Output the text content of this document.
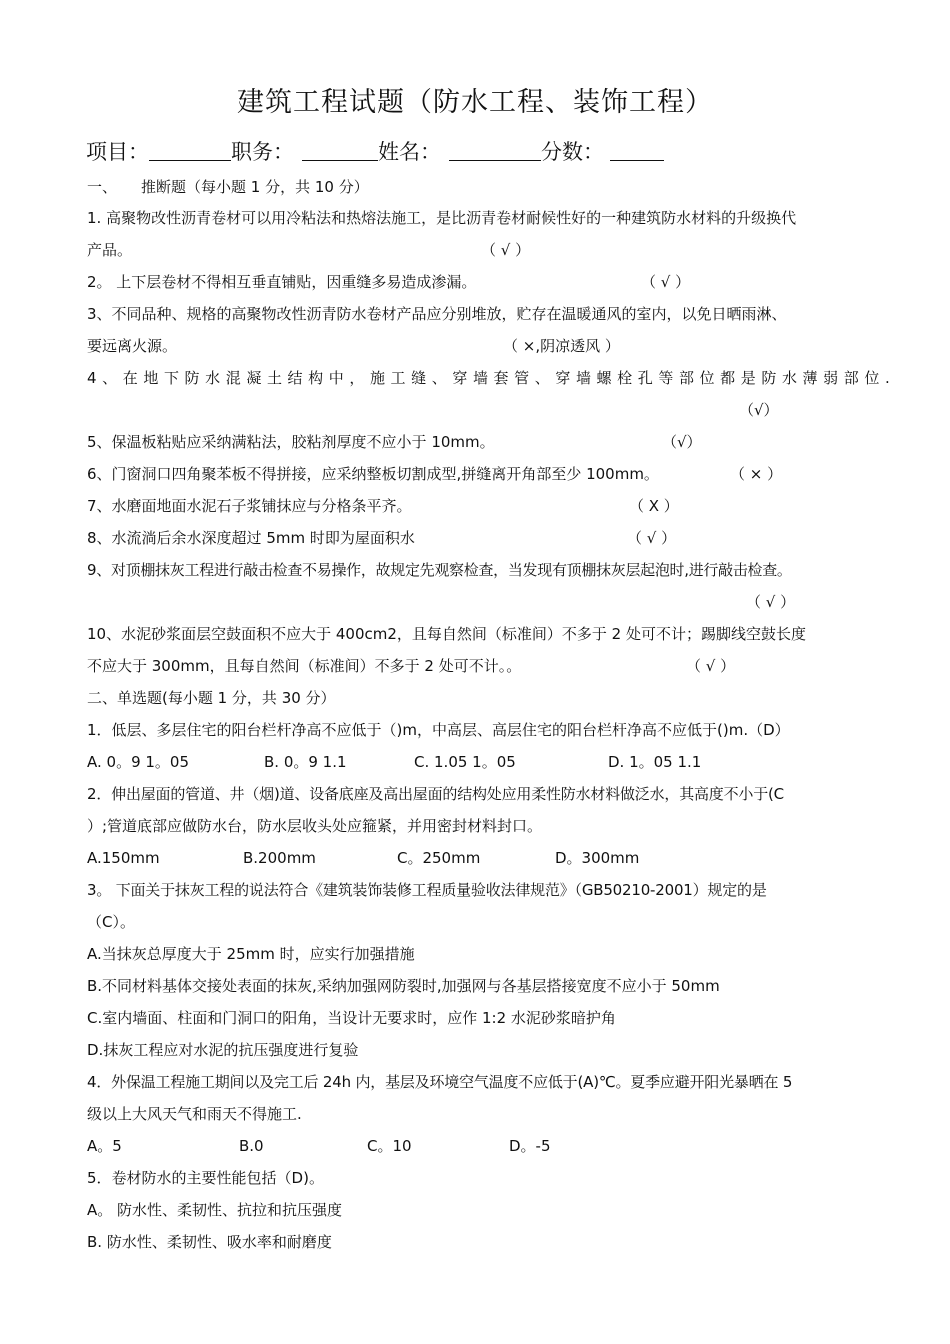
建筑工程试题（防水工程、装饰工程）
项目：	职务：	姓名：	分数：
一、 推断题（每小题 1 分，共 10 分）
1. 高聚物改性沥青卷材可以用冷粘法和热熔法施工，是比沥青卷材耐候性好的一种建筑防水材料的升级换代
产品。	（ √ ）
2。 上下层卷材不得相互垂直铺贴，因重缝多易造成渗漏。	（ √ ）
3、不同品种、规格的高聚物改性沥青防水卷材产品应分别堆放，贮存在温暖通风的室内，以免日晒雨淋、
要远离火源。	（ ×,阴凉透风 ）
4、在地下防水混凝土结构中，施工缝、穿墙套管、穿墙螺栓孔等部位都是防水薄弱部位.
（√）
5、保温板粘贴应采纳满粘法，胶粘剂厚度不应小于 10mm。	（√）
6、门窗洞口四角聚苯板不得拼接，应采纳整板切割成型,拼缝离开角部至少 100mm。	（ × ）
7、水磨面地面水泥石子浆铺抹应与分格条平齐。	（ X ）
8、水流淌后余水深度超过 5mm 时即为屋面积水	（ √ ）
9、对顶棚抹灰工程进行敲击检查不易操作，故规定先观察检查，当发现有顶棚抹灰层起泡时,进行敲击检查。
（ √ ）
10、水泥砂浆面层空鼓面积不应大于 400cm2，且每自然间（标准间）不多于 2 处可不计；踢脚线空鼓长度
不应大于 300mm，且每自然间（标准间）不多于 2 处可不计。。	（ √ ）
二、单选题(每小题 1 分，共 30 分）
1．低层、多层住宅的阳台栏杆净高不应低于（)m，中高层、高层住宅的阳台栏杆净高不应低于()m.（D）
A. 0。9 1。05	B. 0。9 1.1	C. 1.05 1。05	D. 1。05 1.1
2．伸出屋面的管道、井（烟)道、设备底座及高出屋面的结构处应用柔性防水材料做泛水，其高度不小于(C
）;管道底部应做防水台，防水层收头处应箍紧，并用密封材料封口。
A.150mm	B.200mm	C。250mm	D。300mm
3。 下面关于抹灰工程的说法符合《建筑装饰装修工程质量验收法律规范》（GB50210-2001）规定的是
（C）。
A.当抹灰总厚度大于 25mm 时，应实行加强措施
B.不同材料基体交接处表面的抹灰,采纳加强网防裂时,加强网与各基层搭接宽度不应小于 50mm
C.室内墙面、柱面和门洞口的阳角，当设计无要求时，应作 1:2 水泥砂浆暗护角
D.抹灰工程应对水泥的抗压强度进行复验
4．外保温工程施工期间以及完工后 24h 内，基层及环境空气温度不应低于(A)℃。夏季应避开阳光暴晒在 5
级以上大风天气和雨天不得施工.
A。5	B.0	C。10	D。-5
5．卷材防水的主要性能包括（D)。
A。 防水性、柔韧性、抗拉和抗压强度
B. 防水性、柔韧性、吸水率和耐磨度
